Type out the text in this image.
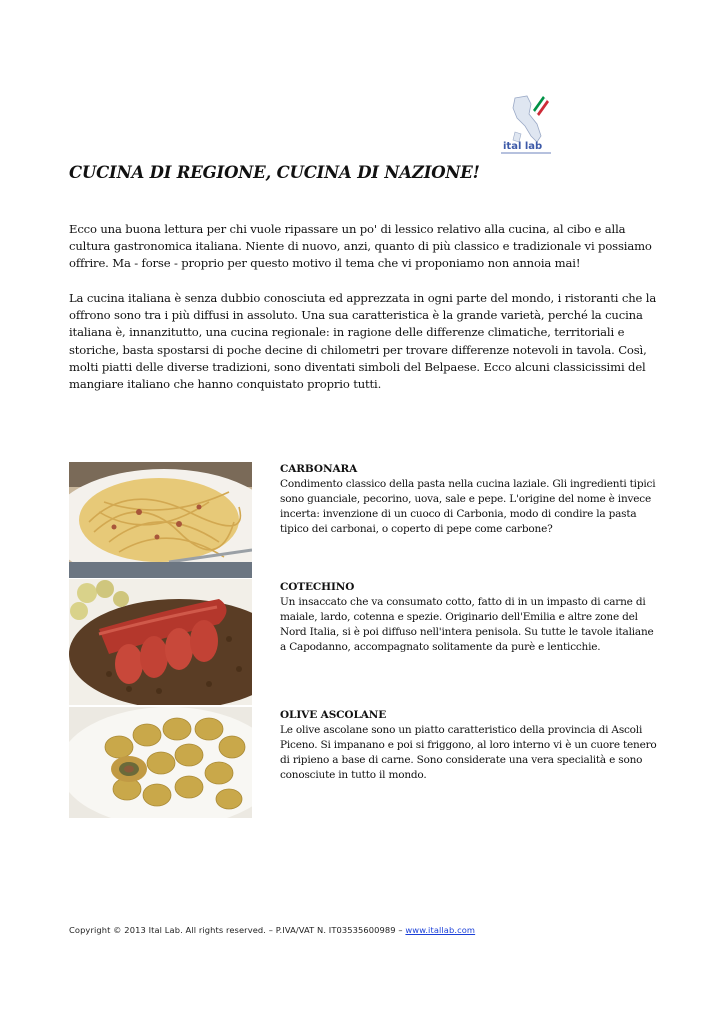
ital lab
CUCINA DI REGIONE, CUCINA DI NAZIONE!

Ecco una buona lettura per chi vuole ripassare un po' di lessico relativo alla cucina, al cibo e alla cultura gastronomica italiana. Niente di nuovo, anzi, quanto di più classico e tradizionale vi possiamo offrire. Ma - forse - proprio per questo motivo il tema che vi proponiamo non annoia mai!

La cucina italiana è senza dubbio conosciuta ed apprezzata in ogni parte del mondo, i ristoranti che la offrono sono tra i più diffusi in assoluto. Una sua caratteristica è la grande varietà, perché la cucina italiana è, innanzitutto, una cucina regionale: in ragione delle differenze climatiche, territoriali e storiche, basta spostarsi di poche decine di chilometri per trovare differenze notevoli in tavola. Così, molti piatti delle diverse tradizioni, sono diventati simboli del Belpaese. Ecco alcuni classicissimi del mangiare italiano che hanno conquistato proprio tutti.

CARBONARA

Condimento classico della pasta nella cucina laziale. Gli ingredienti tipici sono guanciale, pecorino, uova, sale e pepe. L'origine del nome è invece incerta: invenzione di un cuoco di Carbonia, modo di condire la pasta tipico dei carbonai, o coperto di pepe come carbone?

COTECHINO

Un insaccato che va consumato cotto, fatto di in un impasto di carne di maiale, lardo, cotenna e spezie. Originario dell'Emilia e altre zone del Nord Italia, si è poi diffuso nell'intera penisola. Su tutte le tavole italiane a Capodanno, accompagnato solitamente da purè e lenticchie.

OLIVE ASCOLANE

Le olive ascolane sono un piatto caratteristico della provincia di Ascoli Piceno. Si impanano e poi si friggono, al loro interno vi è un cuore tenero di ripieno a base di carne. Sono considerate una vera specialità e sono conosciute in tutto il mondo.

Copyright © 2013 Ital Lab. All rights reserved. – P.IVA/VAT N. IT03535600989 – www.itallab.com
